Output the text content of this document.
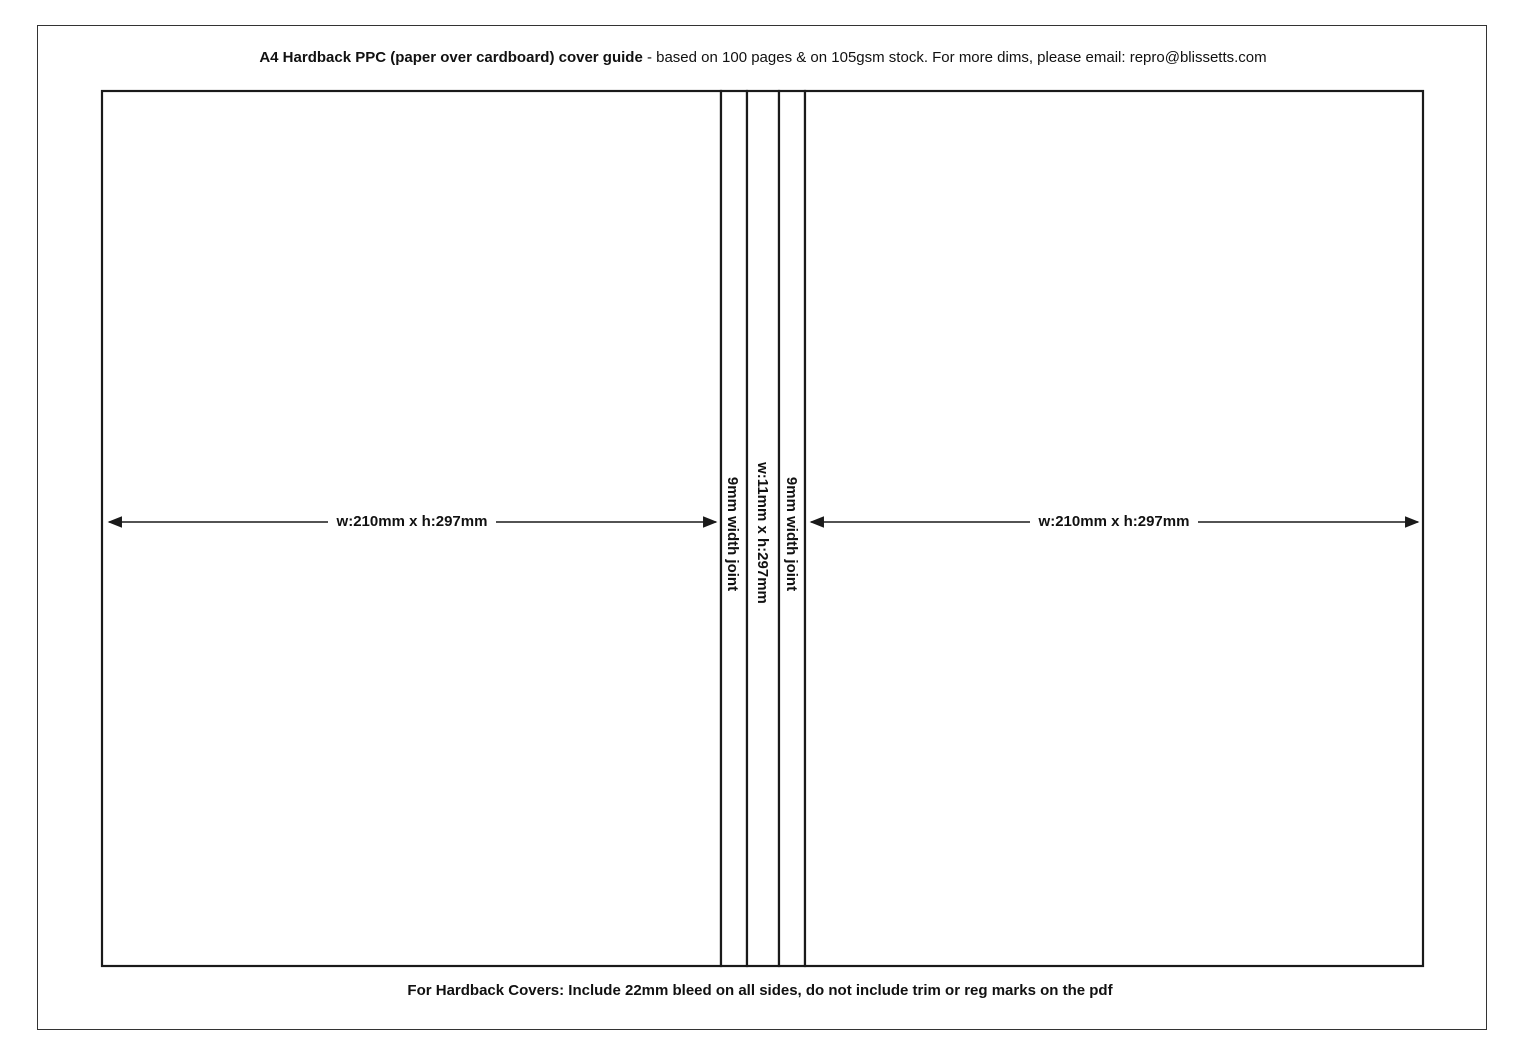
A4 Hardback PPC (paper over cardboard) cover guide - based on 100 pages & on 105gsm stock. For more dims, please email: repro@blissetts.com
w:210mm x h:297mm	w:210mm x h:297mm
9mm width joint w:11mm x h:297mm 9mm width joint
For Hardback Covers: Include 22mm bleed on all sides, do not include trim or reg marks on the pdf
